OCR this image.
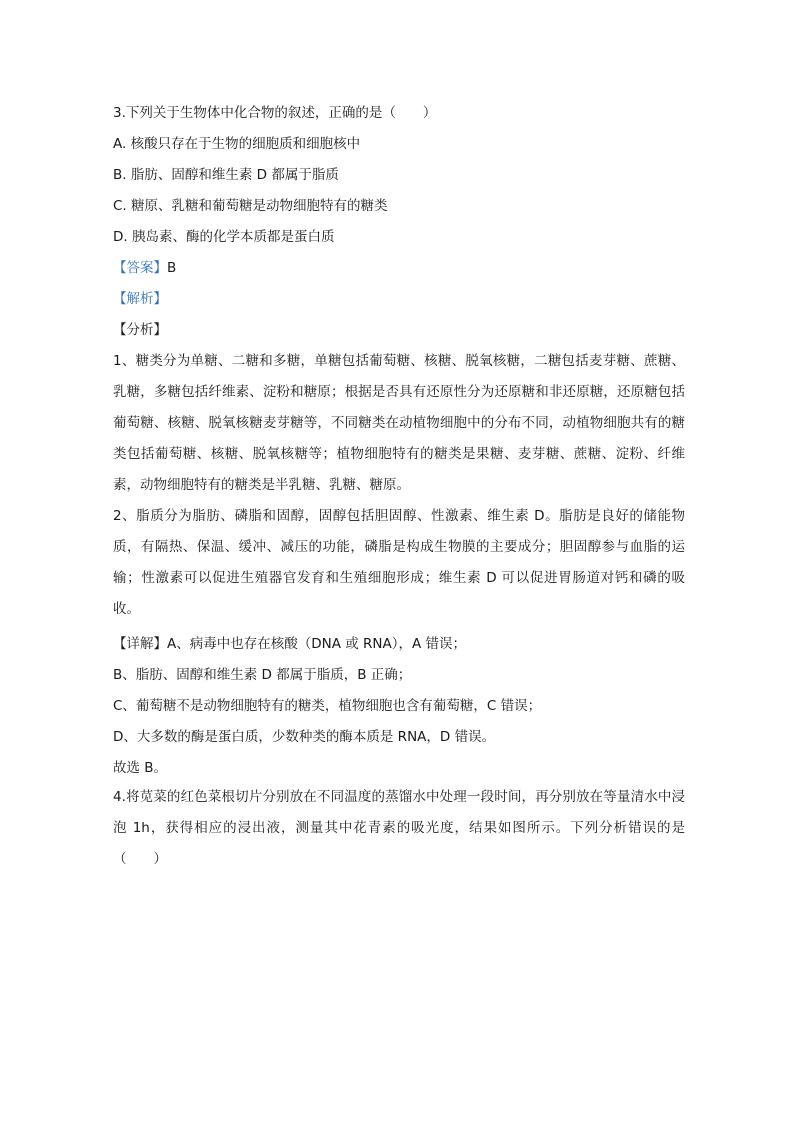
3.下列关于生物体中化合物的叙述，正确的是（　　）
A. 核酸只存在于生物的细胞质和细胞核中
B. 脂肪、固醇和维生素 D 都属于脂质
C. 糖原、乳糖和葡萄糖是动物细胞特有的糖类
D. 胰岛素、酶的化学本质都是蛋白质
【答案】B
【解析】
【分析】
1、糖类分为单糖、二糖和多糖，单糖包括葡萄糖、核糖、脱氧核糖，二糖包括麦芽糖、蔗糖、乳糖，多糖包括纤维素、淀粉和糖原；根据是否具有还原性分为还原糖和非还原糖，还原糖包括葡萄糖、核糖、脱氧核糖麦芽糖等，不同糖类在动植物细胞中的分布不同，动植物细胞共有的糖类包括葡萄糖、核糖、脱氧核糖等；植物细胞特有的糖类是果糖、麦芽糖、蔗糖、淀粉、纤维素，动物细胞特有的糖类是半乳糖、乳糖、糖原。
2、脂质分为脂肪、磷脂和固醇，固醇包括胆固醇、性激素、维生素 D。脂肪是良好的储能物质，有隔热、保温、缓冲、减压的功能，磷脂是构成生物膜的主要成分；胆固醇参与血脂的运输；性激素可以促进生殖器官发育和生殖细胞形成；维生素 D 可以促进胃肠道对钙和磷的吸收。
【详解】A、病毒中也存在核酸（DNA 或 RNA），A 错误；
B、脂肪、固醇和维生素 D 都属于脂质，B 正确；
C、葡萄糖不是动物细胞特有的糖类，植物细胞也含有葡萄糖，C 错误；
D、大多数的酶是蛋白质，少数种类的酶本质是 RNA，D 错误。
故选 B。
4.将苋菜的红色菜根切片分别放在不同温度的蒸馏水中处理一段时间，再分别放在等量清水中浸泡 1h，获得相应的浸出液，测量其中花青素的吸光度，结果如图所示。下列分析错误的是（　　）
